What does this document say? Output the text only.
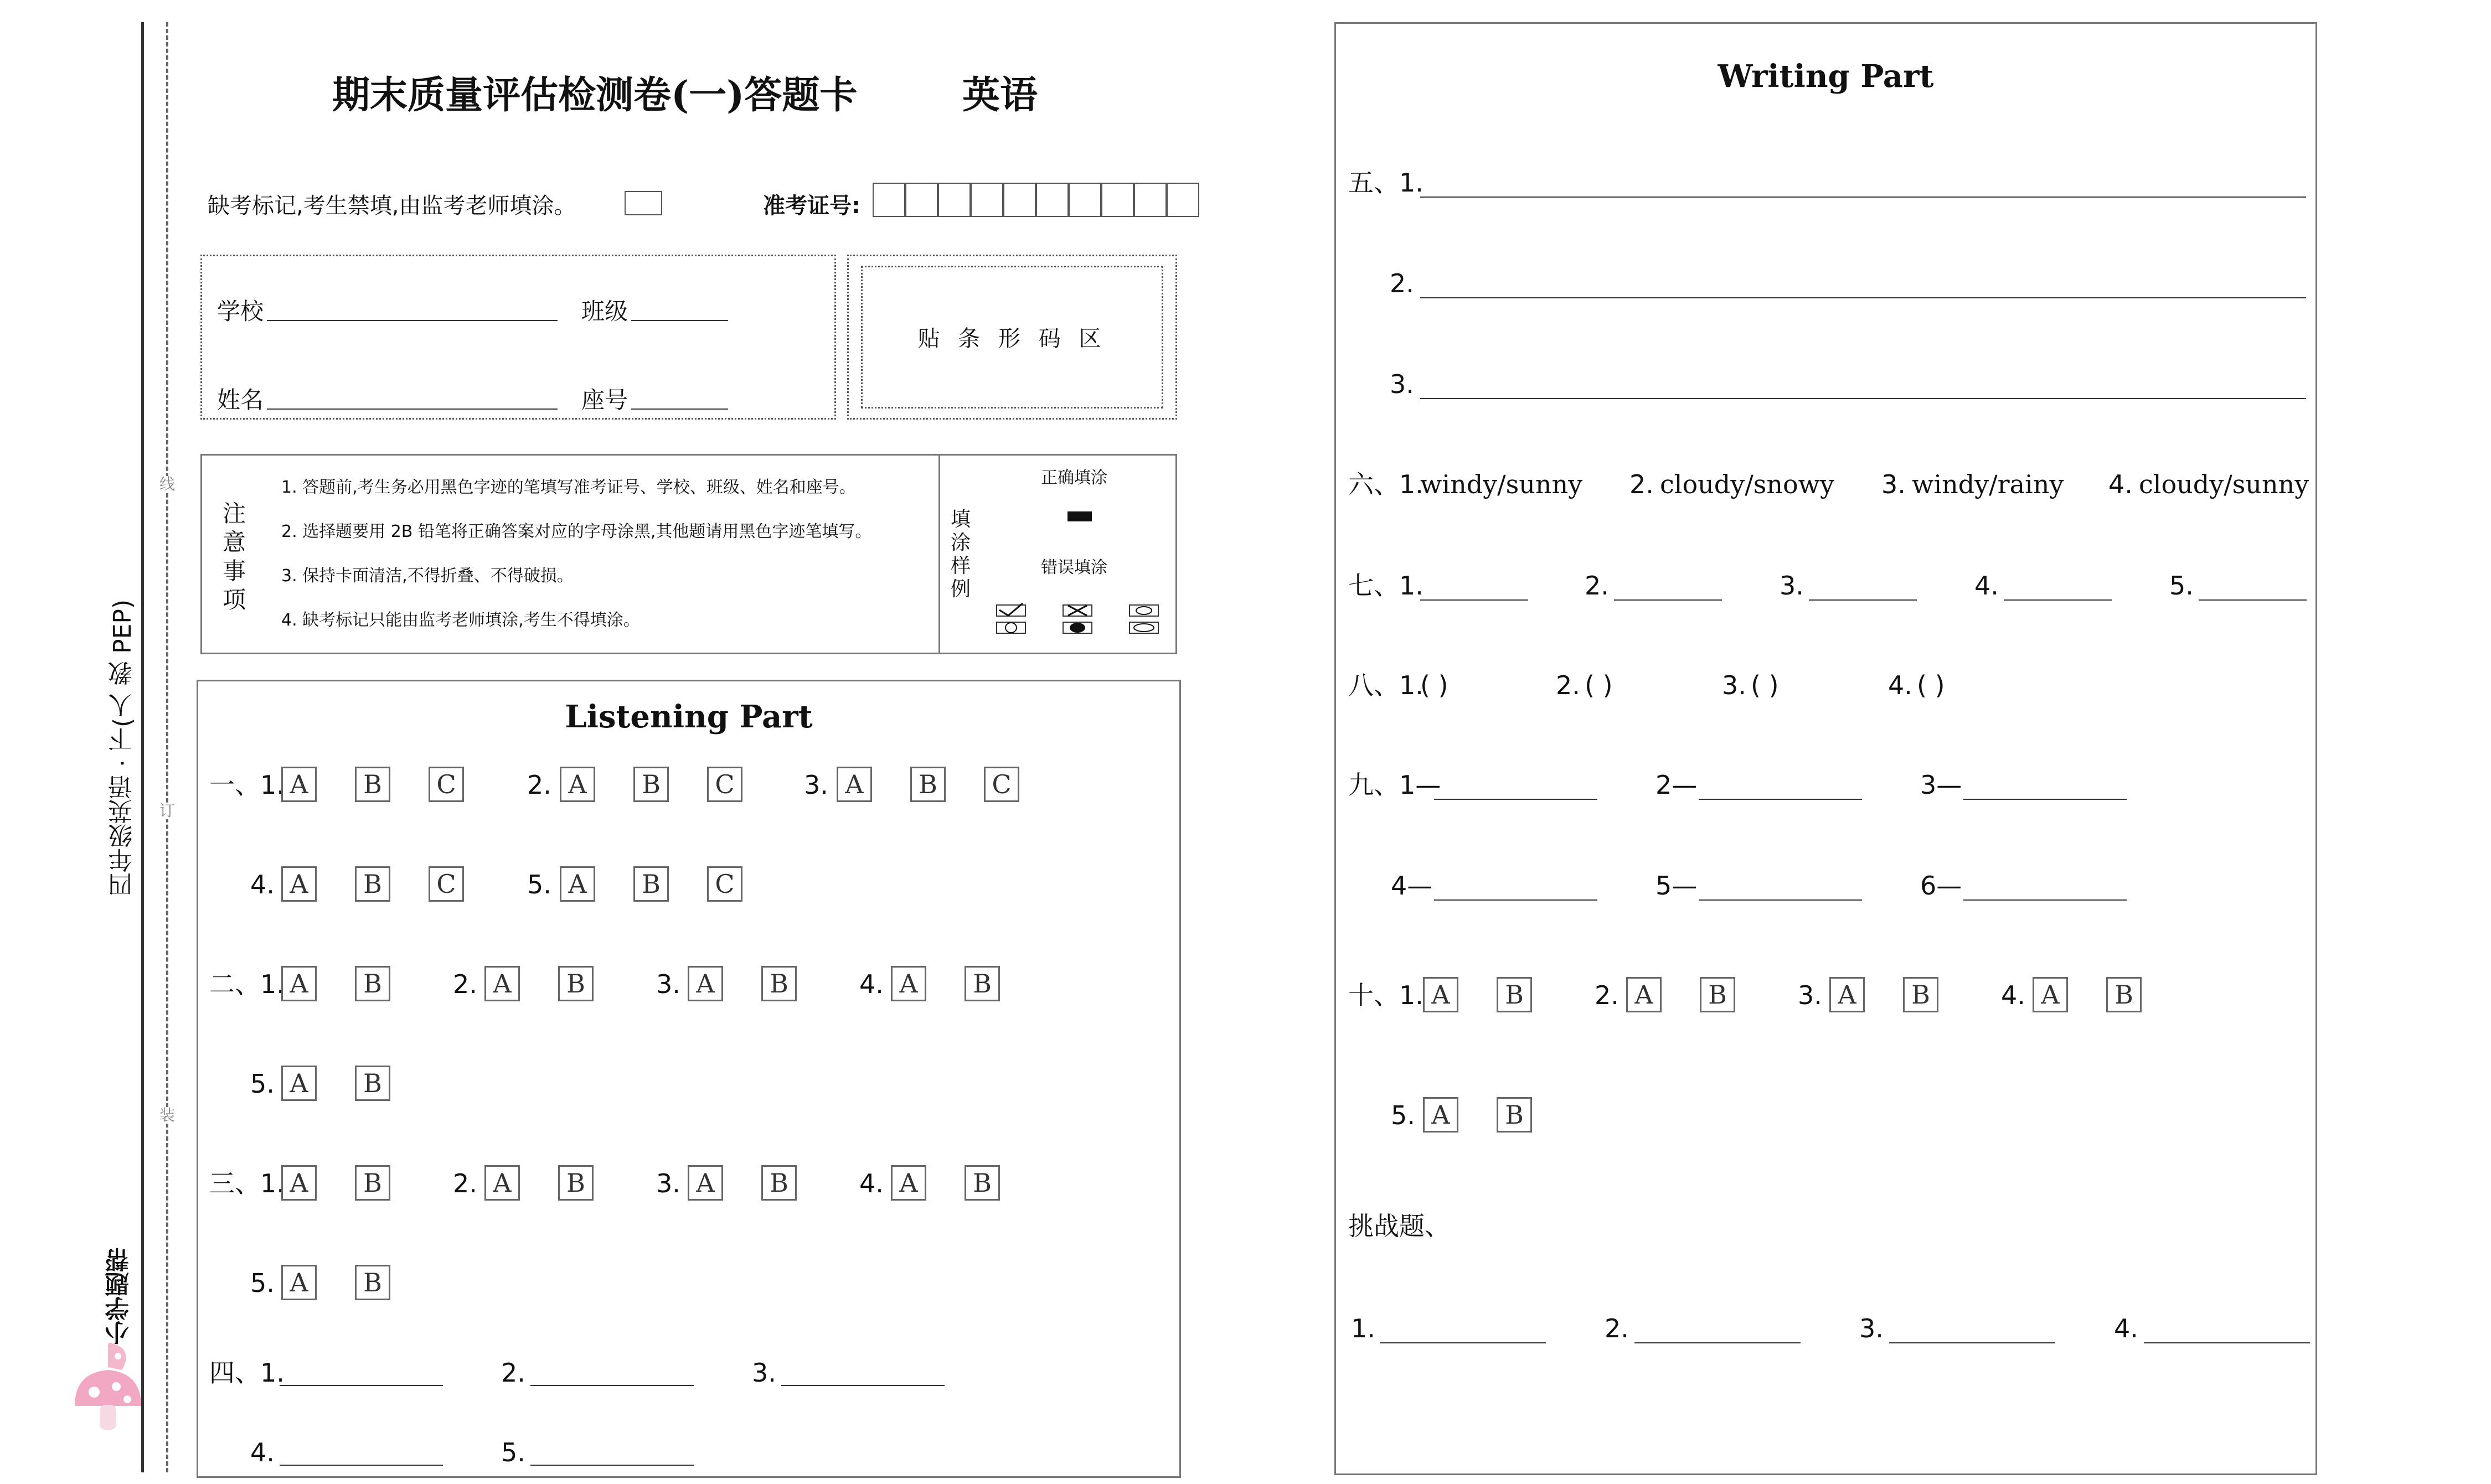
线
订
装
四年级英语 · 下(人 教 PEP)
小学题帮
期末质量评估检测卷(一)答题卡	英语
缺考标记,考生禁填,由监考老师填涂。	准考证号:
学校	班级
姓名	座号
贴 条 形 码 区
注意事项
1. 答题前,考生务必用黑色字迹的笔填写准考证号、学校、班级、姓名和座号。
2. 选择题要用 2B 铅笔将正确答案对应的字母涂黑,其他题请用黑色字迹笔填写。
3. 保持卡面清洁,不得折叠、不得破损。
4. 缺考标记只能由监考老师填涂,考生不得填涂。
填涂样例
正确填涂
错误填涂
Listening Part
一、1. A	B	C	2. A	B	C	3. A	B	C
4. A	B	C	5. A	B	C
二、1. A	B	2. A	B	3. A	B	4. A	B
5. A	B
三、1. A	B	2. A	B	3. A	B	4. A	B
5. A	B
四、1.	2.	3.
4.	5.
Writing Part
五、1.
2.
3.
六、1.
windy/sunny 2. cloudy/snowy 3. windy/rainy 4. cloudy/sunny
七、1.	2.	3.	4.	5.
八、1.
( )	2. ( )	3. ( )	4. ( )
九、1—	2—	3—
4—	5—	6—
十、1. A	B	2. A	B	3. A	B	4. A	B
5. A	B
挑战题、
1.	2.	3.	4.
